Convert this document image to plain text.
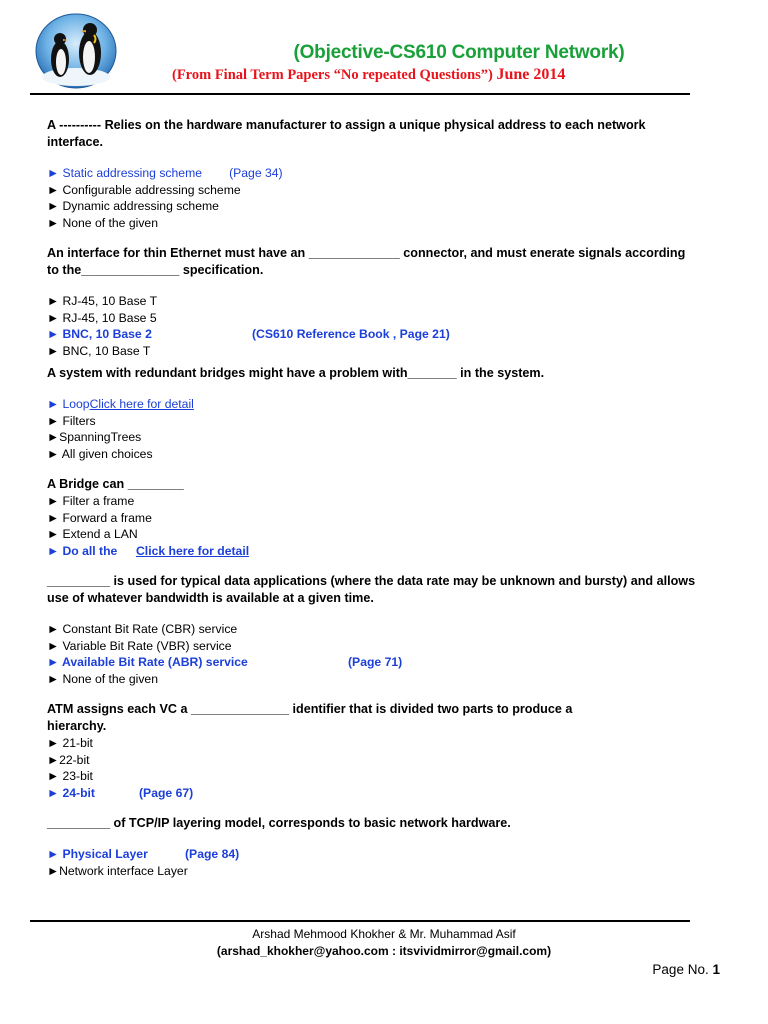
(Objective-CS610 Computer Network)
(From Final Term Papers “No repeated Questions”) June 2014

A ---------- Relies on the hardware manufacturer to assign a unique physical address to each network interface.

► Static addressing scheme (Page 34)

► Configurable addressing scheme

► Dynamic addressing scheme

► None of the given

An interface for thin Ethernet must have an _____________ connector, and must enerate signals according to the______________ specification.

► RJ-45, 10 Base T

► RJ-45, 10 Base 5

► BNC, 10 Base 2	(CS610 Reference Book , Page 21)

► BNC, 10 Base T

A system with redundant bridges might have a problem with_______ in the system.

► LoopClick here for detail

► Filters

►SpanningTrees

► All given choices

A Bridge can ________

► Filter a frame

► Forward a frame

► Extend a LAN

► Do all the Click here for detail

_________ is used for typical data applications (where the data rate may be unknown and bursty) and allows use of whatever bandwidth is available at a given time.

► Constant Bit Rate (CBR) service

► Variable Bit Rate (VBR) service

► Available Bit Rate (ABR) service	(Page 71)

► None of the given

ATM assigns each VC a ______________ identifier that is divided two parts to produce a hierarchy.

► 21-bit

►22-bit

► 23-bit

► 24-bit	(Page 67)

_________ of TCP/IP layering model, corresponds to basic network hardware.

► Physical Layer	(Page 84)

►Network interface Layer

Arshad Mehmood Khokher & Mr. Muhammad Asif
(arshad_khokher@yahoo.com : itsvividmirror@gmail.com)
Page No. 1
